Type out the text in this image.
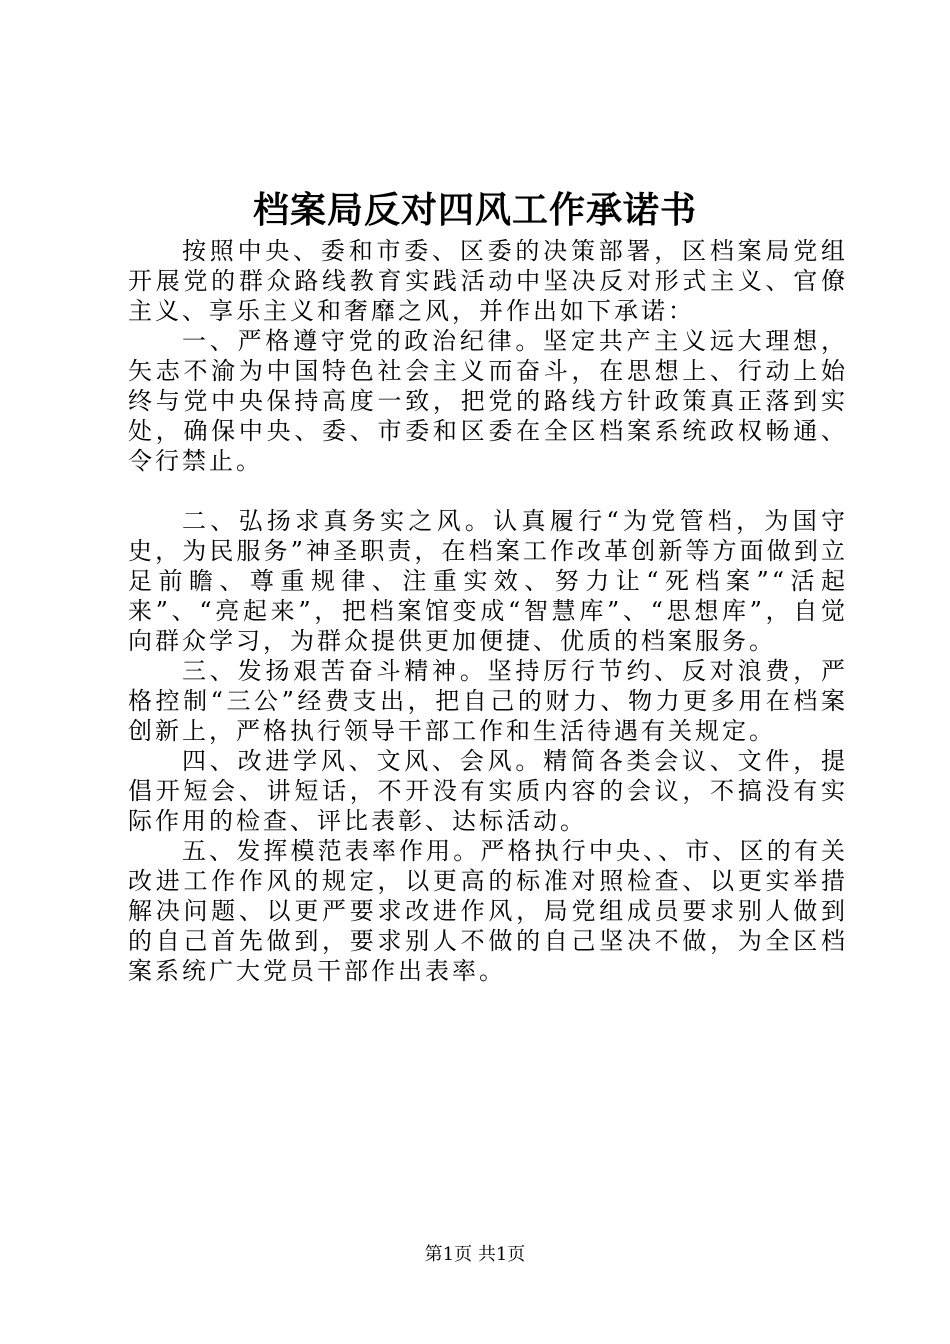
档案局反对四风工作承诺书

按照中央、委和市委、区委的决策部署，区档案局党组开展党的群众路线教育实践活动中坚决反对形式主义、官僚主义、享乐主义和奢靡之风，并作出如下承诺：

一、严格遵守党的政治纪律。坚定共产主义远大理想，矢志不渝为中国特色社会主义而奋斗，在思想上、行动上始终与党中央保持高度一致，把党的路线方针政策真正落到实处，确保中央、委、市委和区委在全区档案系统政权畅通、令行禁止。

二、弘扬求真务实之风。认真履行“为党管档，为国守史，为民服务”神圣职责，在档案工作改革创新等方面做到立足前瞻、尊重规律、注重实效、努力让“死档案”“活起来”、“亮起来”，把档案馆变成“智慧库”、“思想库”，自觉向群众学习，为群众提供更加便捷、优质的档案服务。

三、发扬艰苦奋斗精神。坚持厉行节约、反对浪费，严格控制“三公”经费支出，把自己的财力、物力更多用在档案创新上，严格执行领导干部工作和生活待遇有关规定。

四、改进学风、文风、会风。精简各类会议、文件，提倡开短会、讲短话，不开没有实质内容的会议，不搞没有实际作用的检查、评比表彰、达标活动。

五、发挥模范表率作用。严格执行中央、、市、区的有关改进工作作风的规定，以更高的标准对照检查、以更实举措解决问题、以更严要求改进作风，局党组成员要求别人做到的自己首先做到，要求别人不做的自己坚决不做，为全区档案系统广大党员干部作出表率。

第1页 共1页
